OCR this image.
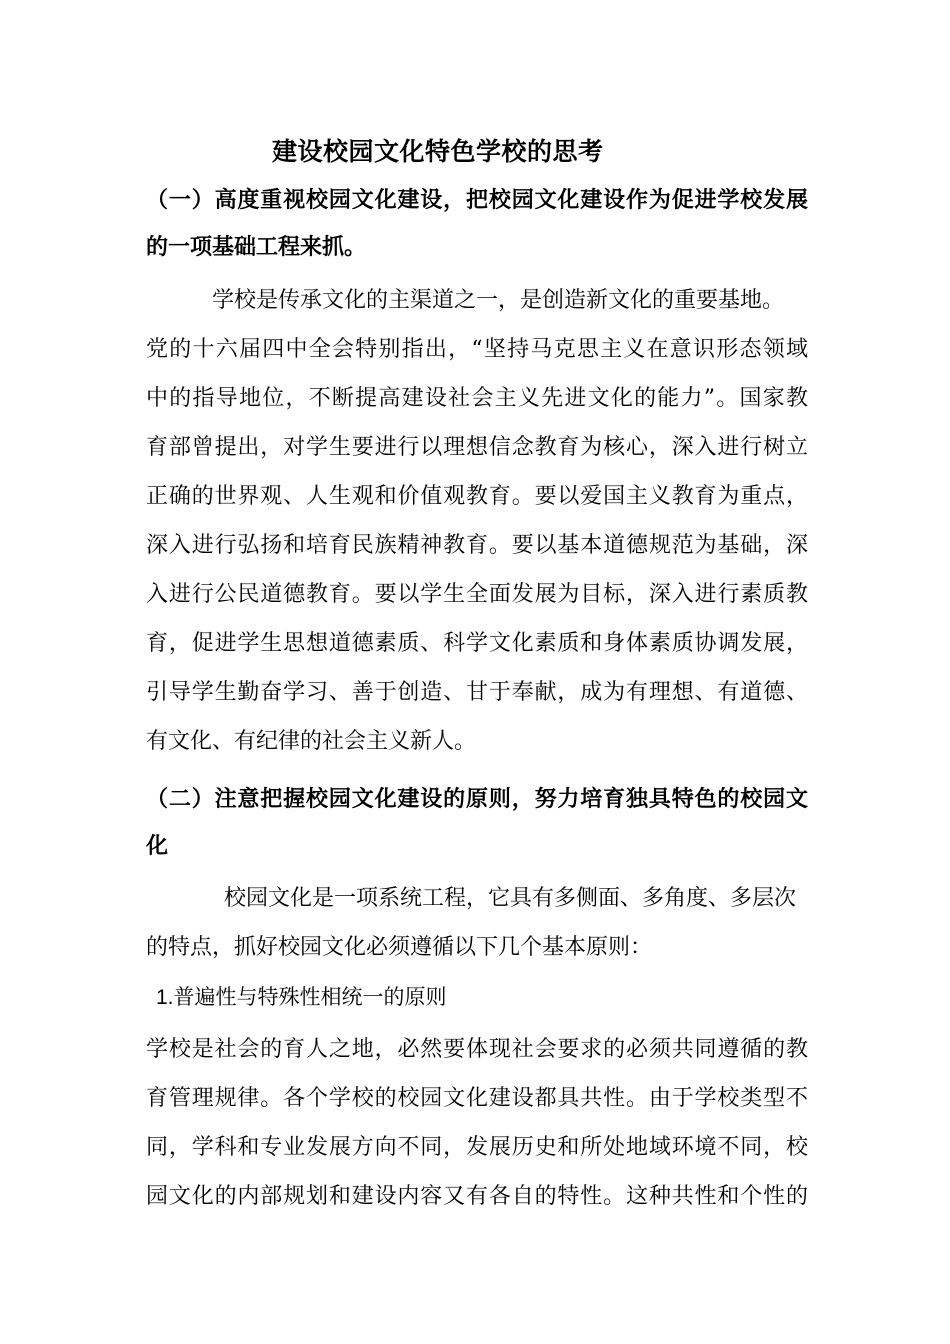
建设校园文化特色学校的思考
（一）高度重视校园文化建设，把校园文化建设作为促进学校发展
的一项基础工程来抓。
学校是传承文化的主渠道之一，是创造新文化的重要基地。
党的十六届四中全会特别指出，“坚持马克思主义在意识形态领域
中的指导地位，不断提高建设社会主义先进文化的能力”。国家教
育部曾提出，对学生要进行以理想信念教育为核心，深入进行树立
正确的世界观、人生观和价值观教育。要以爱国主义教育为重点，
深入进行弘扬和培育民族精神教育。要以基本道德规范为基础，深
入进行公民道德教育。要以学生全面发展为目标，深入进行素质教
育，促进学生思想道德素质、科学文化素质和身体素质协调发展，
引导学生勤奋学习、善于创造、甘于奉献，成为有理想、有道德、
有文化、有纪律的社会主义新人。
（二）注意把握校园文化建设的原则，努力培育独具特色的校园文
化
校园文化是一项系统工程，它具有多侧面、多角度、多层次
的特点，抓好校园文化必须遵循以下几个基本原则：
1.普遍性与特殊性相统一的原则
学校是社会的育人之地，必然要体现社会要求的必须共同遵循的教
育管理规律。各个学校的校园文化建设都具共性。由于学校类型不
同，学科和专业发展方向不同，发展历史和所处地域环境不同，校
园文化的内部规划和建设内容又有各自的特性。这种共性和个性的
